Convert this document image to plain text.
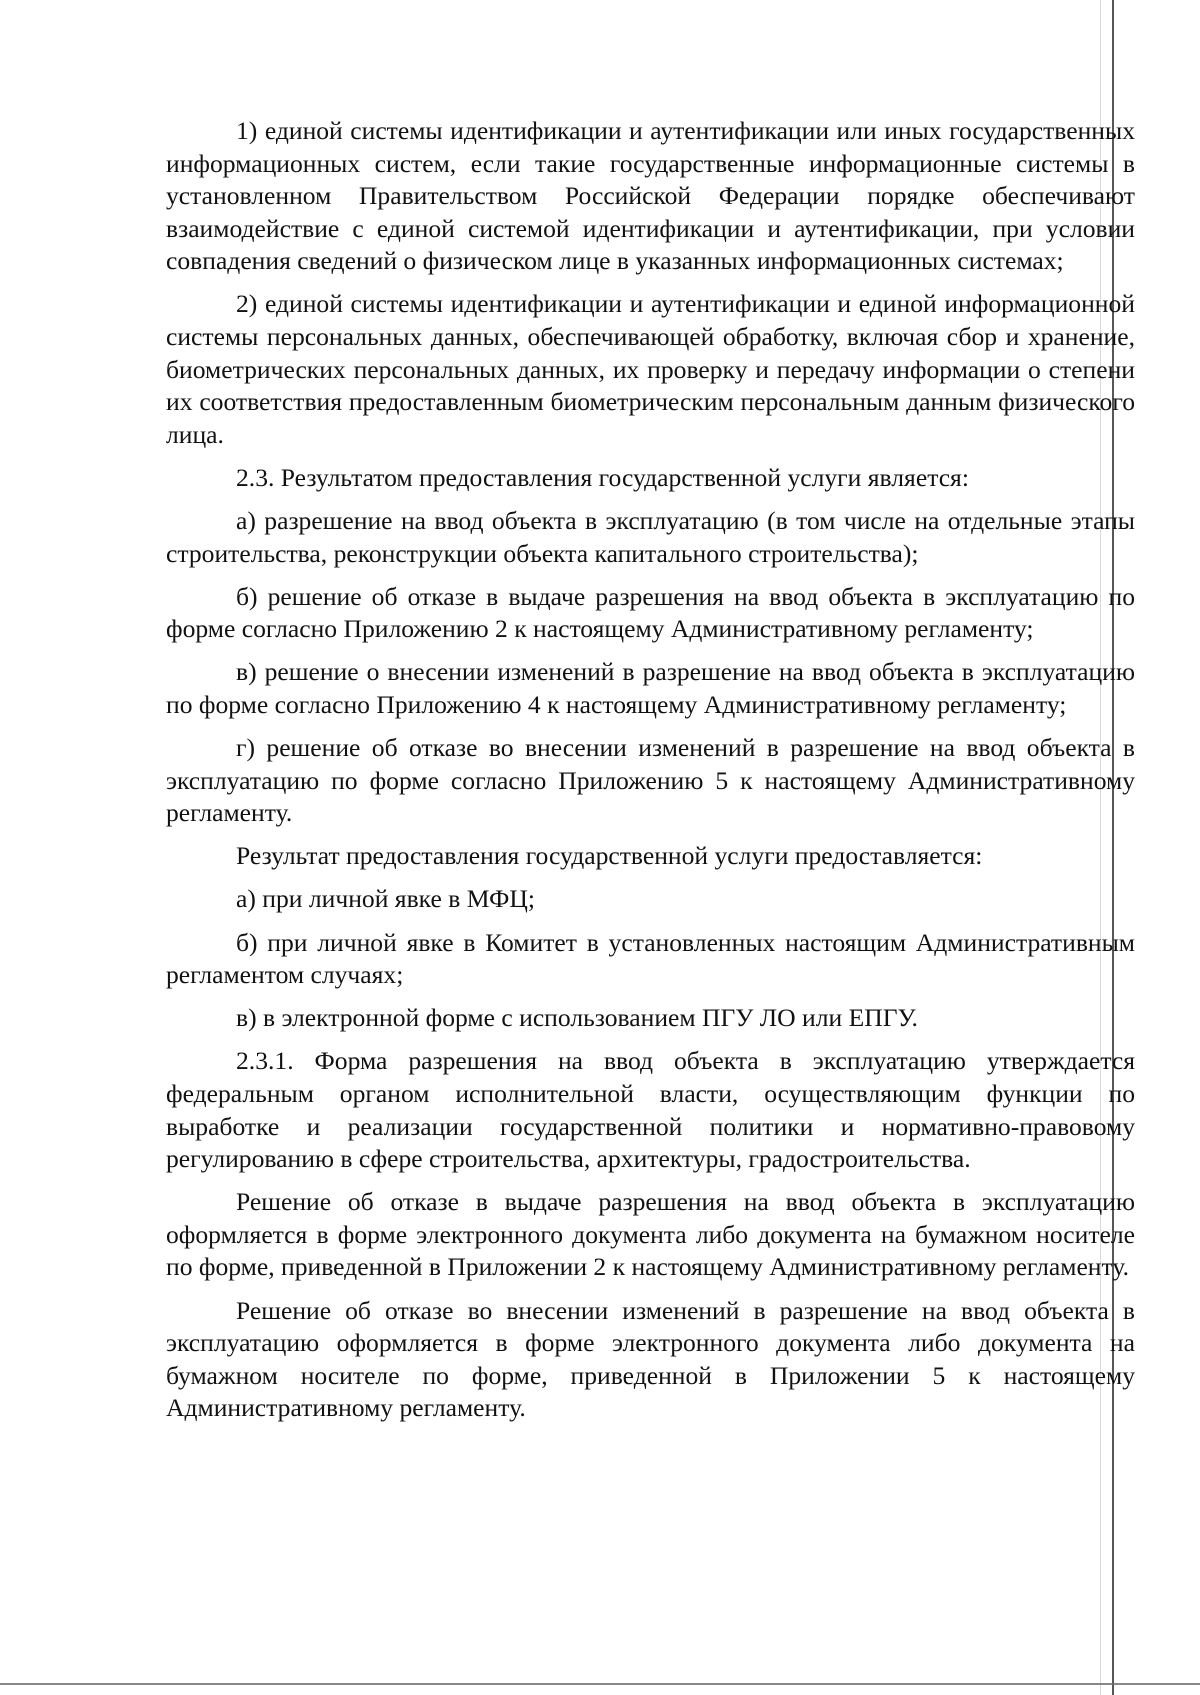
1) единой системы идентификации и аутентификации или иных государственных информационных систем, если такие государственные информационные системы в установленном Правительством Российской Федерации порядке обеспечивают взаимодействие с единой системой идентификации и аутентификации, при условии совпадения сведений о физическом лице в указанных информационных системах;

2) единой системы идентификации и аутентификации и единой информационной системы персональных данных, обеспечивающей обработку, включая сбор и хранение, биометрических персональных данных, их проверку и передачу информации о степени их соответствия предоставленным биометрическим персональным данным физического лица.

2.3. Результатом предоставления государственной услуги является:

а) разрешение на ввод объекта в эксплуатацию (в том числе на отдельные этапы строительства, реконструкции объекта капитального строительства);

б) решение об отказе в выдаче разрешения на ввод объекта в эксплуатацию по форме согласно Приложению 2 к настоящему Административному регламенту;

в) решение о внесении изменений в разрешение на ввод объекта в эксплуатацию по форме согласно Приложению 4 к настоящему Административному регламенту;

г) решение об отказе во внесении изменений в разрешение на ввод объекта в эксплуатацию по форме согласно Приложению 5 к настоящему Административному регламенту.

Результат предоставления государственной услуги предоставляется:

а) при личной явке в МФЦ;

б) при личной явке в Комитет в установленных настоящим Административным регламентом случаях;

в) в электронной форме с использованием ПГУ ЛО или ЕПГУ.

2.3.1. Форма разрешения на ввод объекта в эксплуатацию утверждается федеральным органом исполнительной власти, осуществляющим функции по выработке и реализации государственной политики и нормативно-правовому регулированию в сфере строительства, архитектуры, градостроительства.

Решение об отказе в выдаче разрешения на ввод объекта в эксплуатацию оформляется в форме электронного документа либо документа на бумажном носителе по форме, приведенной в Приложении 2 к настоящему Административному регламенту.

Решение об отказе во внесении изменений в разрешение на ввод объекта в эксплуатацию оформляется в форме электронного документа либо документа на бумажном носителе по форме, приведенной в Приложении 5 к настоящему Административному регламенту.
